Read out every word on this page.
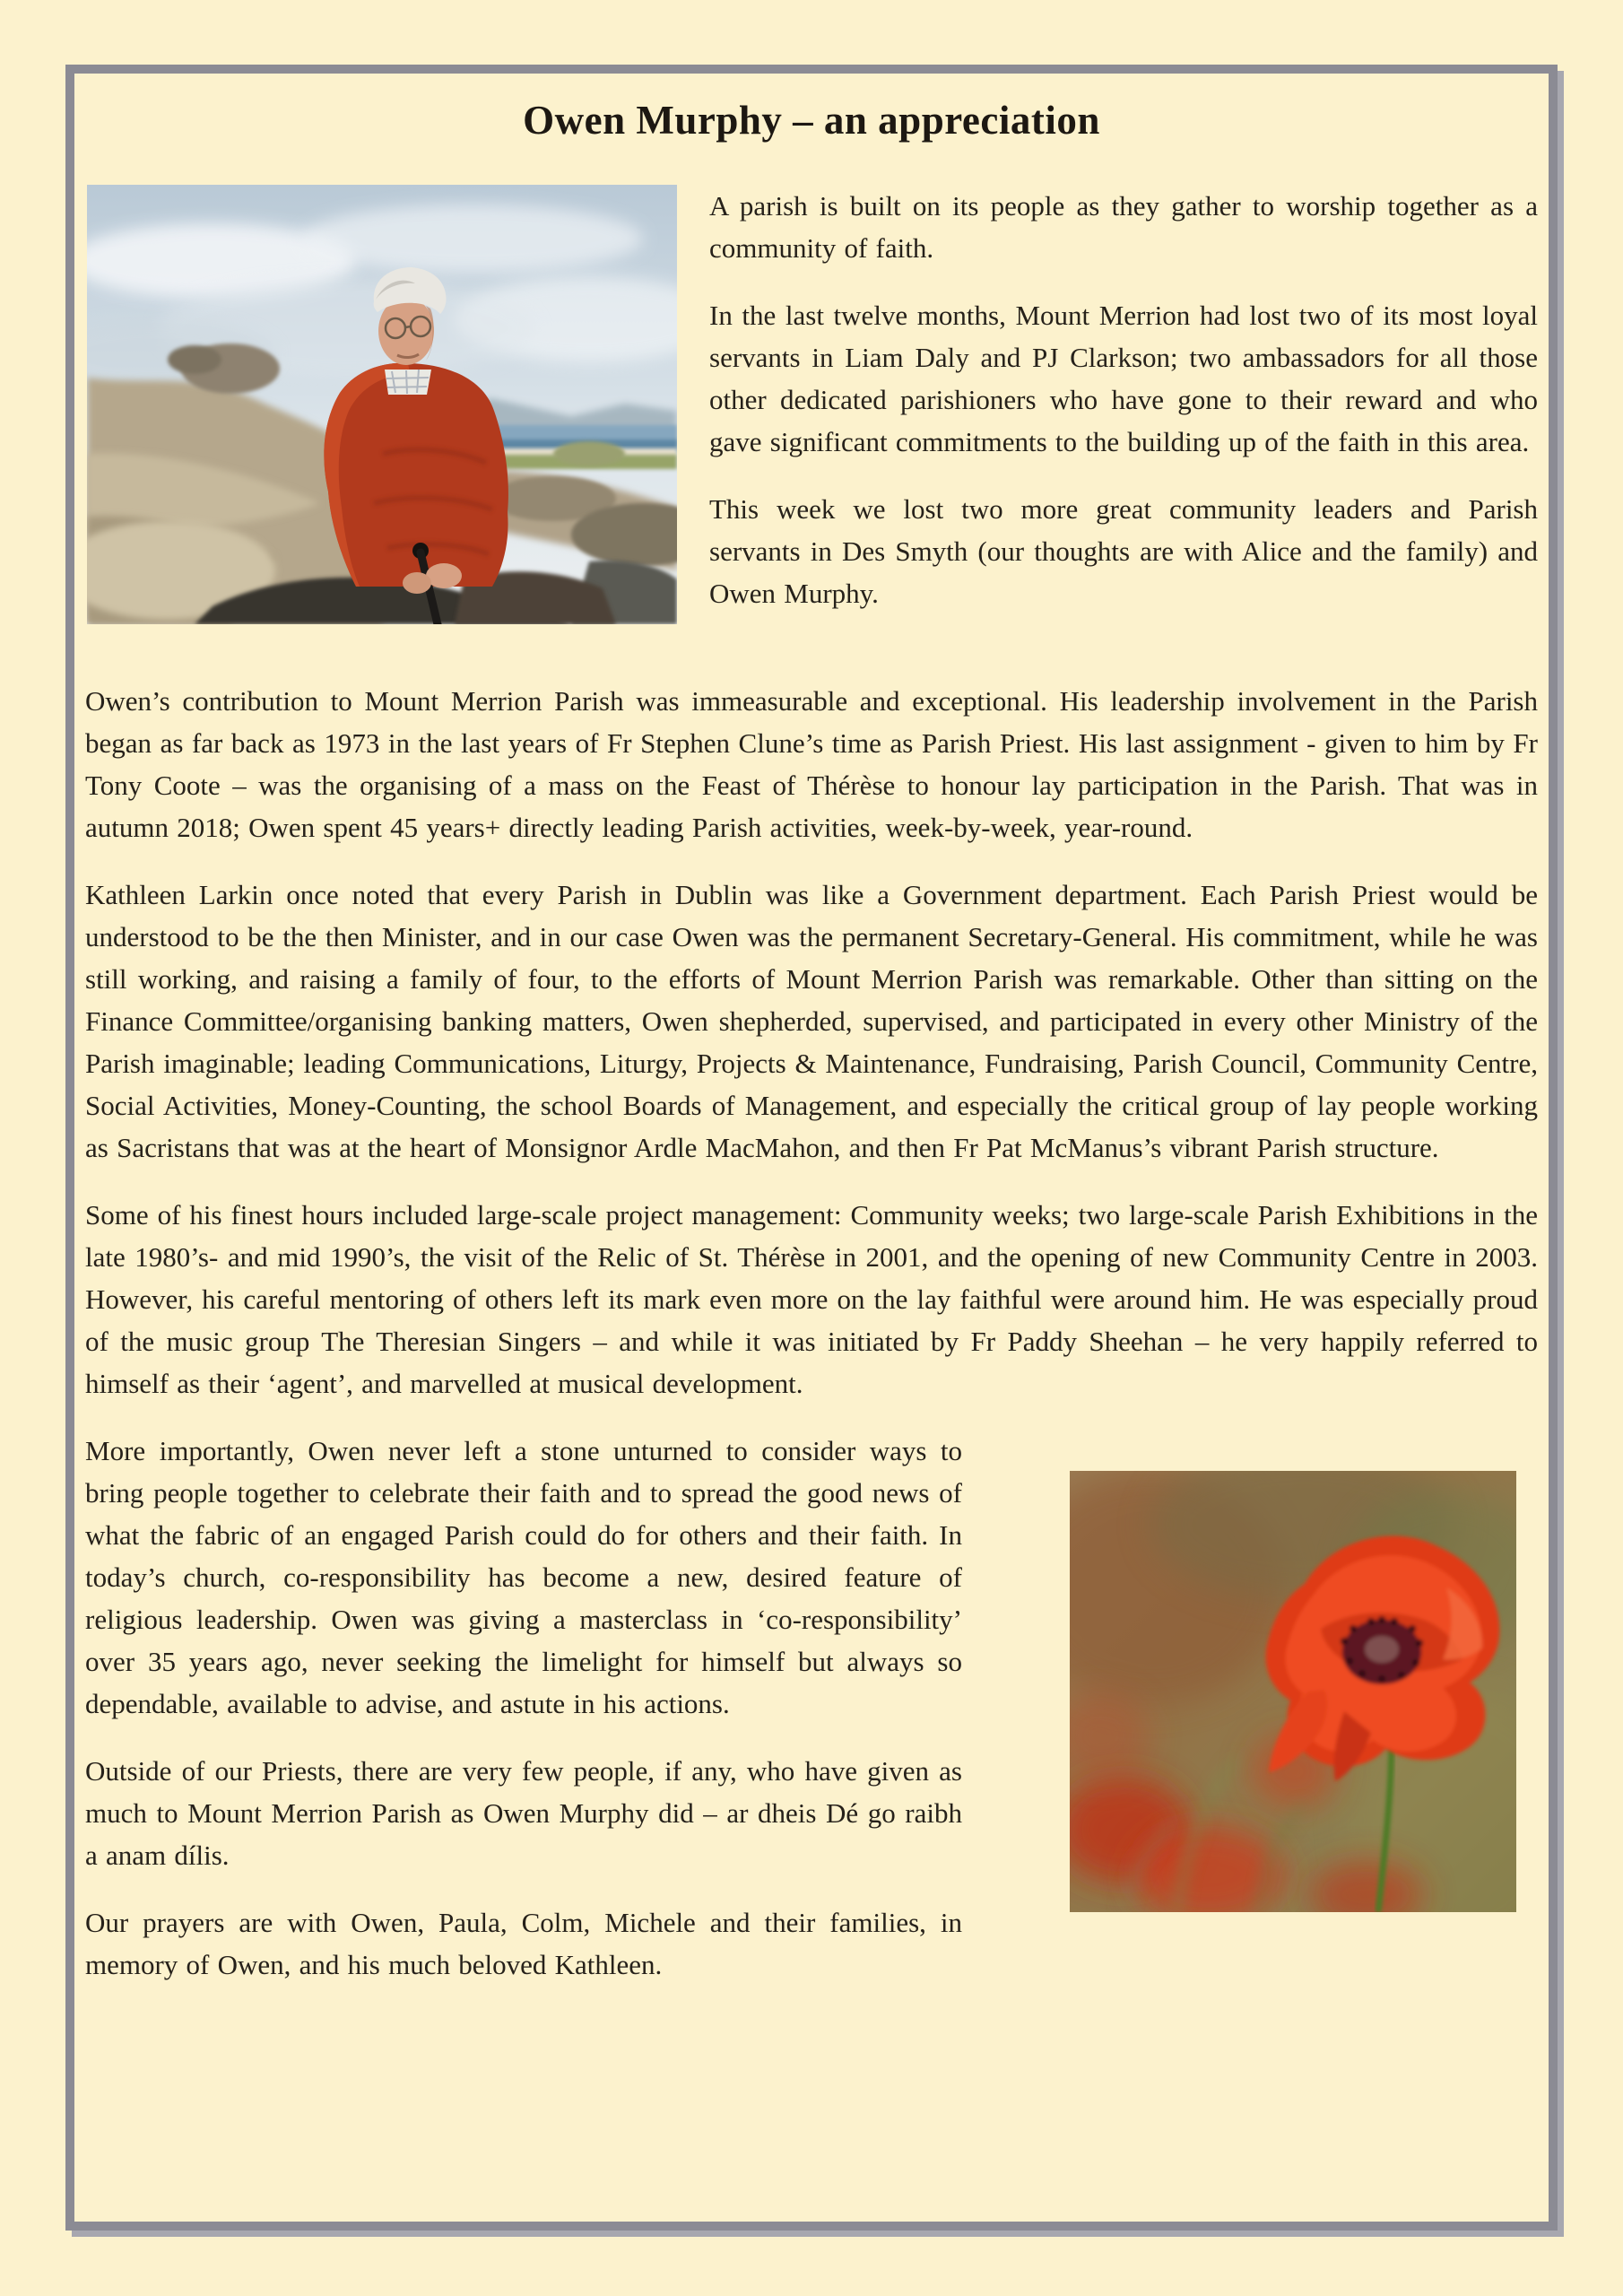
Owen Murphy – an appreciation

A parish is built on its people as they gather to worship together as a community of faith.

In the last twelve months, Mount Merrion had lost two of its most loyal servants in Liam Daly and PJ Clarkson; two ambassadors for all those other dedicated parishioners who have gone to their reward and who gave significant commitments to the building up of the faith in this area.

This week we lost two more great community leaders and Parish servants in Des Smyth (our thoughts are with Alice and the family) and Owen Murphy.

Owen’s contribution to Mount Merrion Parish was immeasurable and exceptional. His leadership involvement in the Parish began as far back as 1973 in the last years of Fr Stephen Clune’s time as Parish Priest. His last assignment - given to him by Fr Tony Coote – was the organising of a mass on the Feast of Thérèse to honour lay participation in the Parish. That was in autumn 2018; Owen spent 45 years+ directly leading Parish activities, week-by-week, year-round.

Kathleen Larkin once noted that every Parish in Dublin was like a Government department. Each Parish Priest would be understood to be the then Minister, and in our case Owen was the permanent Secretary-General. His commitment, while he was still working, and raising a family of four, to the efforts of Mount Merrion Parish was remarkable. Other than sitting on the Finance Committee/organising banking matters, Owen shepherded, supervised, and participated in every other Ministry of the Parish imaginable; leading Communications, Liturgy, Projects & Maintenance, Fundraising, Parish Council, Community Centre, Social Activities, Money-Counting, the school Boards of Management, and especially the critical group of lay people working as Sacristans that was at the heart of Monsignor Ardle MacMahon, and then Fr Pat McManus’s vibrant Parish structure.

Some of his finest hours included large-scale project management: Community weeks; two large-scale Parish Exhibitions in the late 1980’s- and mid 1990’s, the visit of the Relic of St. Thérèse in 2001, and the opening of new Community Centre in 2003. However, his careful mentoring of others left its mark even more on the lay faithful were around him. He was especially proud of the music group The Theresian Singers – and while it was initiated by Fr Paddy Sheehan – he very happily referred to himself as their ‘agent’, and marvelled at musical development.

More importantly, Owen never left a stone unturned to consider ways to bring people together to celebrate their faith and to spread the good news of what the fabric of an engaged Parish could do for others and their faith. In today’s church, co-responsibility has become a new, desired feature of religious leadership. Owen was giving a masterclass in ‘co-responsibility’ over 35 years ago, never seeking the limelight for himself but always so dependable, available to advise, and astute in his actions.

Outside of our Priests, there are very few people, if any, who have given as much to Mount Merrion Parish as Owen Murphy did – ar dheis Dé go raibh a anam dílis.

Our prayers are with Owen, Paula, Colm, Michele and their families, in memory of Owen, and his much beloved Kathleen.
